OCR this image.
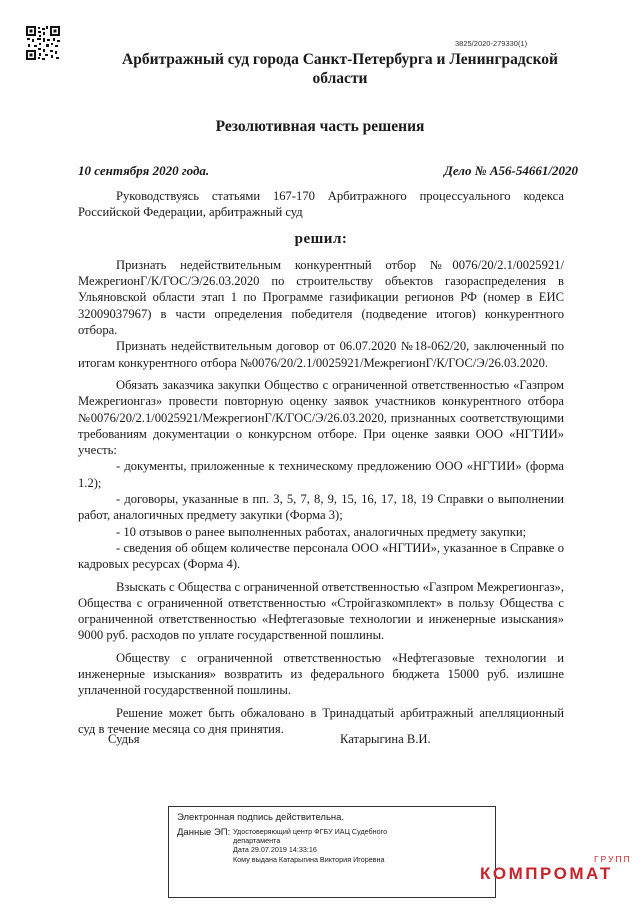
3825/2020-279330(1)
Арбитражный суд города Санкт-Петербурга и Ленинградской области
Резолютивная часть решения
10 сентября 2020 года.	Дело № А56-54661/2020

Руководствуясь статьями 167-170 Арбитражного процессуального кодекса Российской Федерации, арбитражный суд

решил:

Признать недействительным конкурентный отбор №0076/20/2.1/0025921/МежрегионГ/К/ГОС/Э/26.03.2020 по строительству объектов газораспределения в Ульяновской области этап 1 по Программе газификации регионов РФ (номер в ЕИС 32009037967) в части определения победителя (подведение итогов) конкурентного отбора.

Признать недействительным договор от 06.07.2020 №18-062/20, заключенный по итогам конкурентного отбора №0076/20/2.1/0025921/МежрегионГ/К/ГОС/Э/26.03.2020.

Обязать заказчика закупки Общество с ограниченной ответственностью «Газпром Межрегионгаз» провести повторную оценку заявок участников конкурентного отбора №0076/20/2.1/0025921/МежрегионГ/К/ГОС/Э/26.03.2020, признанных соответствующими требованиям документации о конкурсном отборе. При оценке заявки ООО «НГТИИ» учесть:

- документы, приложенные к техническому предложению ООО «НГТИИ» (форма 1.2);

- договоры, указанные в пп. 3, 5, 7, 8, 9, 15, 16, 17, 18, 19 Справки о выполнении работ, аналогичных предмету закупки (Форма 3);

- 10 отзывов о ранее выполненных работах, аналогичных предмету закупки;

- сведения об общем количестве персонала ООО «НГТИИ», указанное в Справке о кадровых ресурсах (Форма 4).

Взыскать с Общества с ограниченной ответственностью «Газпром Межрегионгаз», Общества с ограниченной ответственностью «Стройгазкомплект» в пользу Общества с ограниченной ответственностью «Нефтегазовые технологии и инженерные изыскания» 9000 руб. расходов по уплате государственной пошлины.

Обществу с ограниченной ответственностью «Нефтегазовые технологии и инженерные изыскания» возвратить из федерального бюджета 15000 руб. излишне уплаченной государственной пошлины.

Решение может быть обжаловано в Тринадцатый арбитражный апелляционный суд в течение месяца со дня принятия.

Судья	Катарыгина В.И.
Электронная подпись действительна.
Данные ЭП: Удостоверяющий центр ФГБУ ИАЦ Судебного
департамента
Дата 29.07.2019 14:33:16
Кому выдана Катарыгина Виктория Игоревна	ГРУПП
КОМПРОМАТ
